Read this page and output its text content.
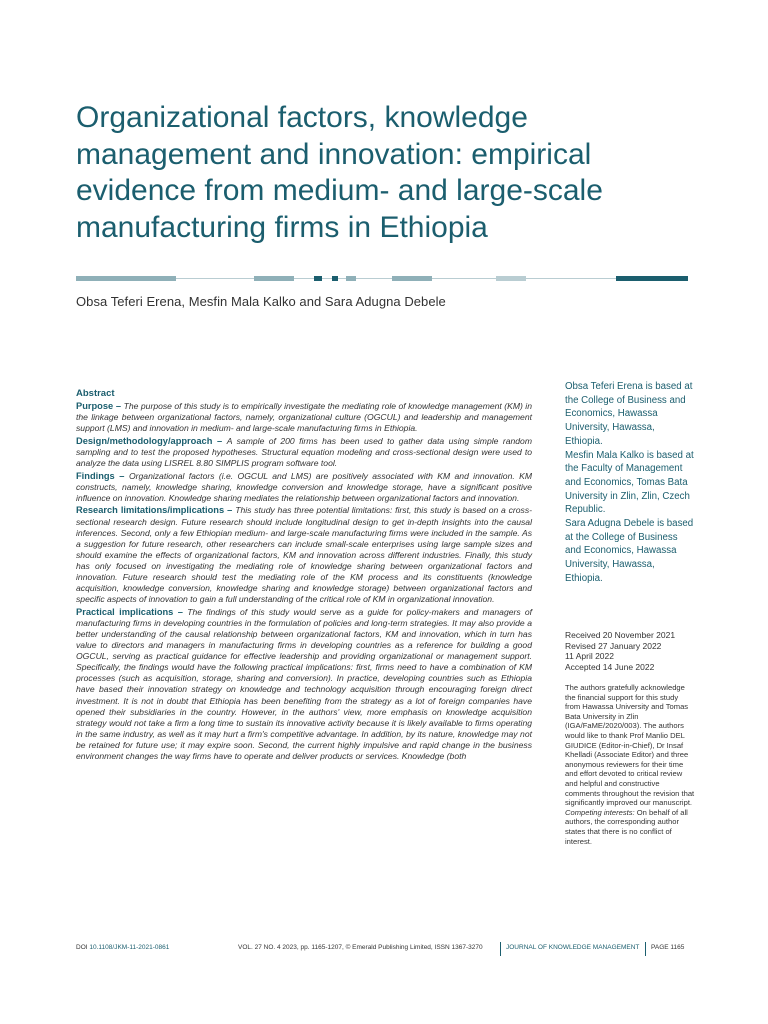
Organizational factors, knowledge management and innovation: empirical evidence from medium- and large-scale manufacturing firms in Ethiopia

Obsa Teferi Erena, Mesfin Mala Kalko and Sara Adugna Debele

Abstract

Purpose – The purpose of this study is to empirically investigate the mediating role of knowledge management (KM) in the linkage between organizational factors, namely, organizational culture (OGCUL) and leadership and management support (LMS) and innovation in medium- and large-scale manufacturing firms in Ethiopia.

Design/methodology/approach – A sample of 200 firms has been used to gather data using simple random sampling and to test the proposed hypotheses. Structural equation modeling and cross-sectional design were used to analyze the data using LISREL 8.80 SIMPLIS program software tool.

Findings – Organizational factors (i.e. OGCUL and LMS) are positively associated with KM and innovation. KM constructs, namely, knowledge sharing, knowledge conversion and knowledge storage, have a significant positive influence on innovation. Knowledge sharing mediates the relationship between organizational factors and innovation.

Research limitations/implications – This study has three potential limitations: first, this study is based on a cross-sectional research design. Future research should include longitudinal design to get in-depth insights into the causal inferences. Second, only a few Ethiopian medium- and large-scale manufacturing firms were included in the sample. As a suggestion for future research, other researchers can include small-scale enterprises using large sample sizes and should examine the effects of organizational factors, KM and innovation across different industries. Finally, this study has only focused on investigating the mediating role of knowledge sharing between organizational factors and innovation. Future research should test the mediating role of the KM process and its constituents (knowledge acquisition, knowledge conversion, knowledge sharing and knowledge storage) between organizational factors and specific aspects of innovation to gain a full understanding of the critical role of KM in organizational innovation.

Practical implications – The findings of this study would serve as a guide for policy-makers and managers of manufacturing firms in developing countries in the formulation of policies and long-term strategies. It may also provide a better understanding of the causal relationship between organizational factors, KM and innovation, which in turn has value to directors and managers in manufacturing firms in developing countries as a reference for building a good OGCUL, serving as practical guidance for effective leadership and providing organizational or management support. Specifically, the findings would have the following practical implications: first, firms need to have a combination of KM processes (such as acquisition, storage, sharing and conversion). In practice, developing countries such as Ethiopia have based their innovation strategy on knowledge and technology acquisition through encouraging foreign direct investment. It is not in doubt that Ethiopia has been benefiting from the strategy as a lot of foreign companies have opened their subsidiaries in the country. However, in the authors' view, more emphasis on knowledge acquisition strategy would not take a firm a long time to sustain its innovative activity because it is likely available to firms operating in the same industry, as well as it may hurt a firm's competitive advantage. In addition, by its nature, knowledge may not be retained for future use; it may expire soon. Second, the current highly impulsive and rapid change in the business environment changes the way firms have to operate and deliver products or services. Knowledge (both

Obsa Teferi Erena is based at the College of Business and Economics, Hawassa University, Hawassa, Ethiopia.

Mesfin Mala Kalko is based at the Faculty of Management and Economics, Tomas Bata University in Zlin, Zlin, Czech Republic.

Sara Adugna Debele is based at the College of Business and Economics, Hawassa University, Hawassa, Ethiopia.

Received 20 November 2021

Revised 27 January 2022

11 April 2022

Accepted 14 June 2022

The authors gratefully acknowledge the financial support for this study from Hawassa University and Tomas Bata University in Zlin (IGA/FaME/2020/003). The authors would like to thank Prof Manlio DEL GIUDICE (Editor-in-Chief), Dr Insaf Khelladi (Associate Editor) and three anonymous reviewers for their time and effort devoted to critical review and helpful and constructive comments throughout the revision that significantly improved our manuscript.

Competing interests: On behalf of all authors, the corresponding author states that there is no conflict of interest.

DOI 10.1108/JKM-11-2021-0861	VOL. 27 NO. 4 2023, pp. 1165-1207, © Emerald Publishing Limited, ISSN 1367-3270	JOURNAL OF KNOWLEDGE MANAGEMENT PAGE 1165
